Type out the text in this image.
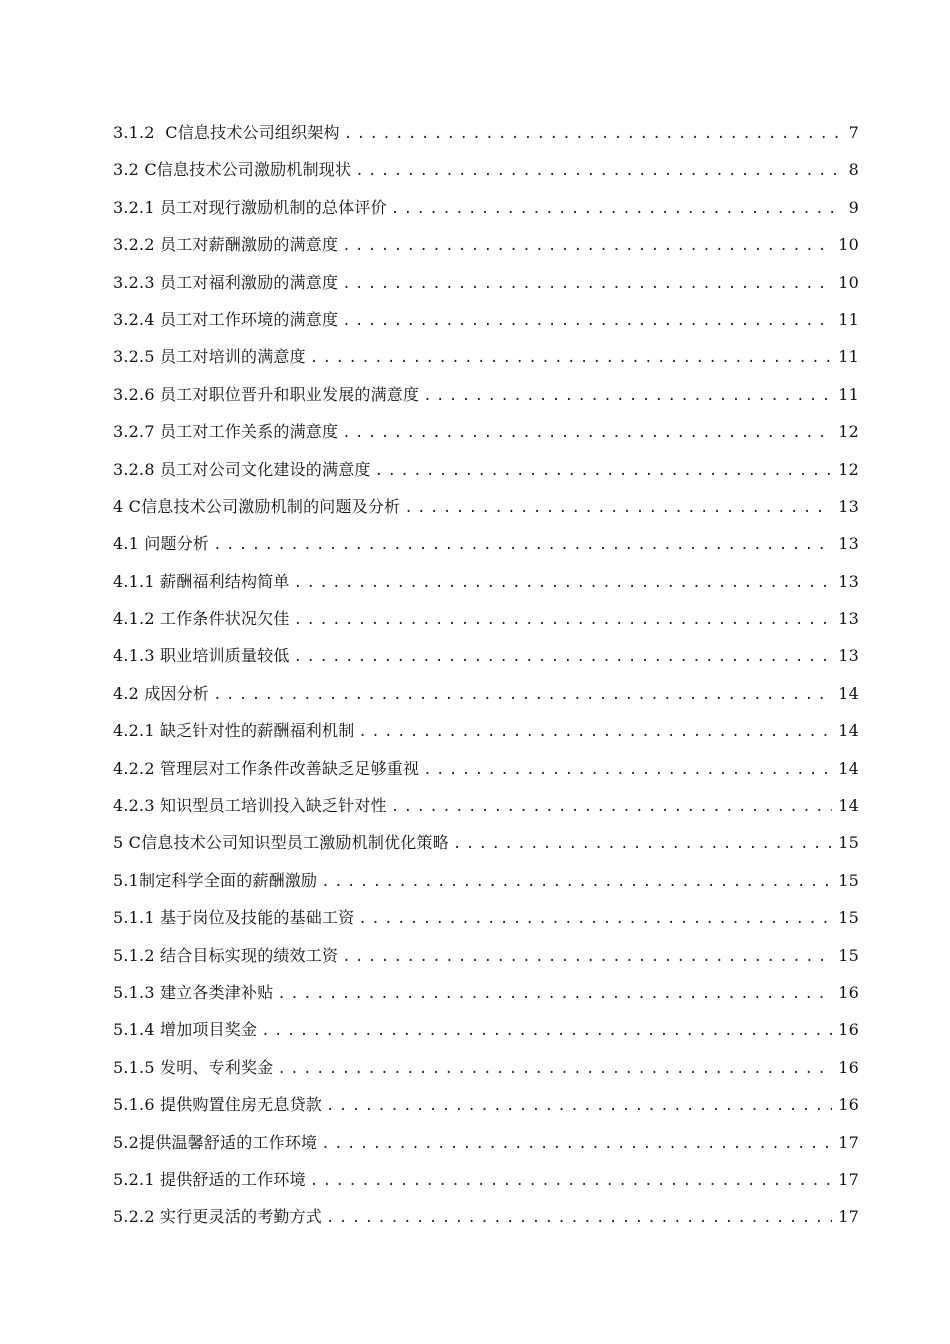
3.1.2  C信息技术公司组织架构 . . .	7
3.2 C信息技术公司激励机制现状 . . .	8
3.2.1 员工对现行激励机制的总体评价 . . .	9
3.2.2 员工对薪酬激励的满意度 . . .	10
3.2.3 员工对福利激励的满意度 . . .	10
3.2.4 员工对工作环境的满意度 . . .	11
3.2.5 员工对培训的满意度 . . .	11
3.2.6 员工对职位晋升和职业发展的满意度 . . .	11
3.2.7 员工对工作关系的满意度 . . .	12
3.2.8 员工对公司文化建设的满意度 . . .	12
4 C信息技术公司激励机制的问题及分析 . . .	13
4.1 问题分析 . . .	13
4.1.1 薪酬福利结构简单 . . .	13
4.1.2 工作条件状况欠佳 . . .	13
4.1.3 职业培训质量较低 . . .	13
4.2 成因分析 . . .	14
4.2.1 缺乏针对性的薪酬福利机制 . . .	14
4.2.2 管理层对工作条件改善缺乏足够重视 . . .	14
4.2.3 知识型员工培训投入缺乏针对性 . . .	14
5 C信息技术公司知识型员工激励机制优化策略 . . .	15
5.1制定科学全面的薪酬激励 . . .	15
5.1.1 基于岗位及技能的基础工资 . . .	15
5.1.2 结合目标实现的绩效工资 . . .	15
5.1.3 建立各类津补贴 . . .	16
5.1.4 增加项目奖金 . . .	16
5.1.5 发明、专利奖金 . . .	16
5.1.6 提供购置住房无息贷款 . . .	16
5.2提供温馨舒适的工作环境 . . .	17
5.2.1 提供舒适的工作环境 . . .	17
5.2.2 实行更灵活的考勤方式 . . .	17
